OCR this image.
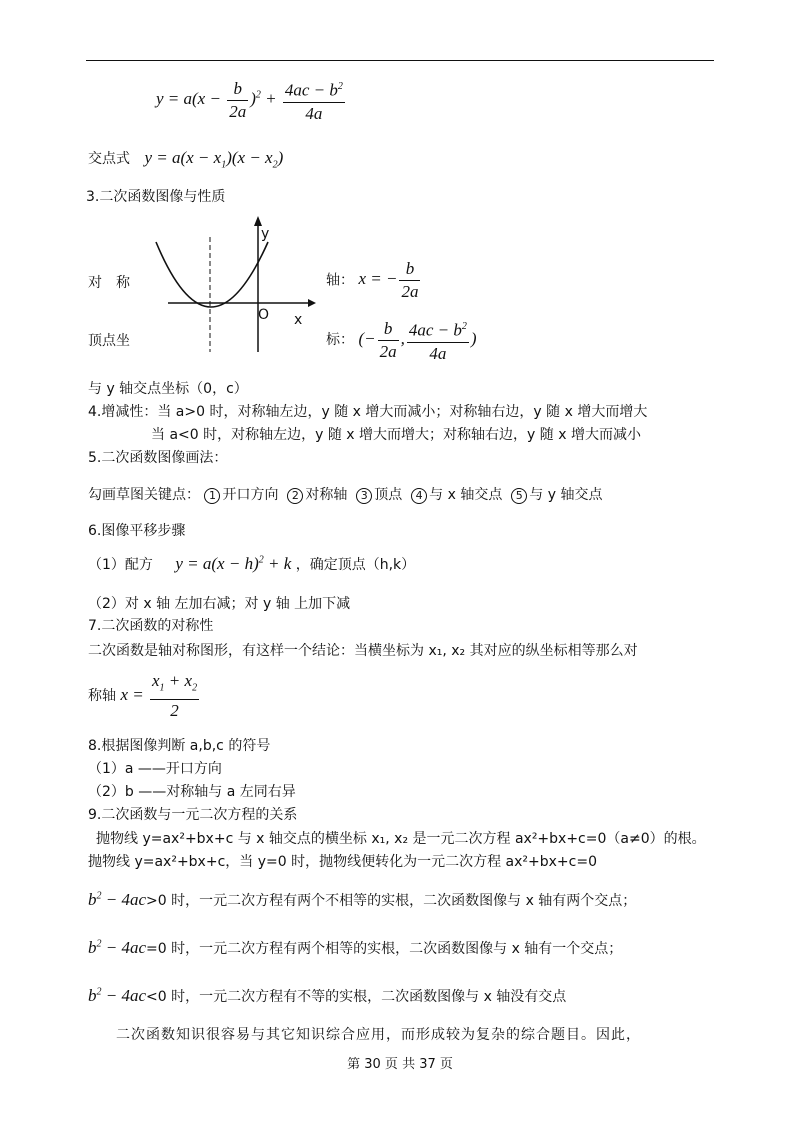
$y = a(x - \frac{b}{2a} )^2 + \frac{4ac - b^2}{4a}$
交点式 $y = a(x - x_1)(x - x_2)$
3.二次函数图像与性质
y
x
O
对　称	轴： x = − $\frac{b}{2a}$
顶点坐	标： (− $\frac{b}{2a}$ , $\frac{4ac - b^2}{4a}$ )
与 y 轴交点坐标（0，c）
4.增减性：当 a>0 时，对称轴左边，y 随 x 增大而减小；对称轴右边，y 随 x 增大而增大
当 a<0 时，对称轴左边，y 随 x 增大而增大；对称轴右边，y 随 x 增大而减小
5.二次函数图像画法：
勾画草图关键点： 1 开口方向 2 对称轴 3 顶点 4 与 x 轴交点 5 与 y 轴交点
6.图像平移步骤
（1）配方 $y = a(x - h)^2 + k$ ，确定顶点（h,k）
（2）对 x 轴 左加右减；对 y 轴 上加下减
7.二次函数的对称性
二次函数是轴对称图形，有这样一个结论：当横坐标为 x₁, x₂ 其对应的纵坐标相等那么对
称轴 $x = \frac{x_1 + x_2}{2}$
8.根据图像判断 a,b,c 的符号
（1）a ——开口方向
（2）b ——对称轴与 a 左同右异
9.二次函数与一元二次方程的关系
抛物线 y=ax²+bx+c 与 x 轴交点的横坐标 x₁, x₂ 是一元二次方程 ax²+bx+c=0（a≠0）的根。
抛物线 y=ax²+bx+c，当 y=0 时，抛物线便转化为一元二次方程 ax²+bx+c=0
$b^2 - 4ac>0$ 时，一元二次方程有两个不相等的实根，二次函数图像与 x 轴有两个交点；
$b^2 - 4ac=0$ 时，一元二次方程有两个相等的实根，二次函数图像与 x 轴有一个交点；
$b^2 - 4ac<0$ 时，一元二次方程有不等的实根，二次函数图像与 x 轴没有交点
二次函数知识很容易与其它知识综合应用，而形成较为复杂的综合题目。因此，
第 30 页 共 37 页
